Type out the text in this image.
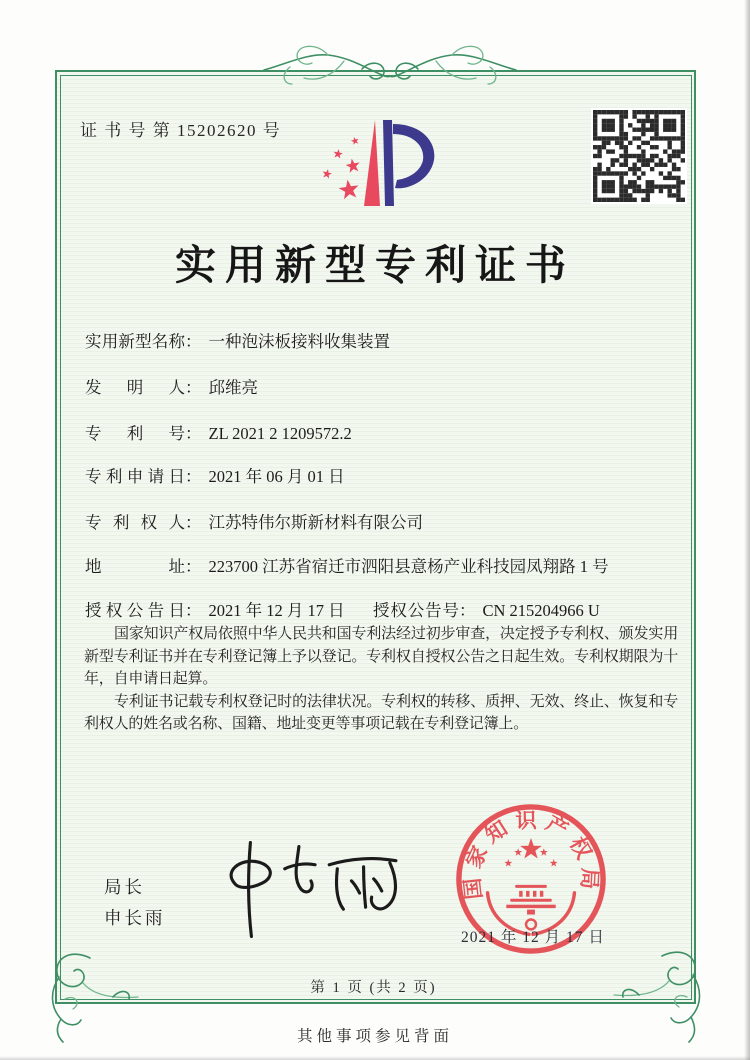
证 书 号 第 15202620 号
实用新型专利证书
实用新型名称： 一种泡沫板接料收集装置
发明人： 邱维亮
专利号： ZL 2021 2 1209572.2
专利申请日： 2021 年 06 月 01 日
专利权人： 江苏特伟尔斯新材料有限公司
地址： 223700 江苏省宿迁市泗阳县意杨产业科技园凤翔路 1 号
授权公告日： 2021 年 12 月 17 日 授权公告号： CN 215204966 U

国家知识产权局依照中华人民共和国专利法经过初步审查，决定授予专利权、颁发实用新型专利证书并在专利登记簿上予以登记。专利权自授权公告之日起生效。专利权期限为十年，自申请日起算。

专利证书记载专利权登记时的法律状况。专利权的转移、质押、无效、终止、恢复和专利权人的姓名或名称、国籍、地址变更等事项记载在专利登记簿上。

局长
申长雨
国家知识产权局
2021 年 12 月 17 日
第 1 页 (共 2 页)
其他事项参见背面
